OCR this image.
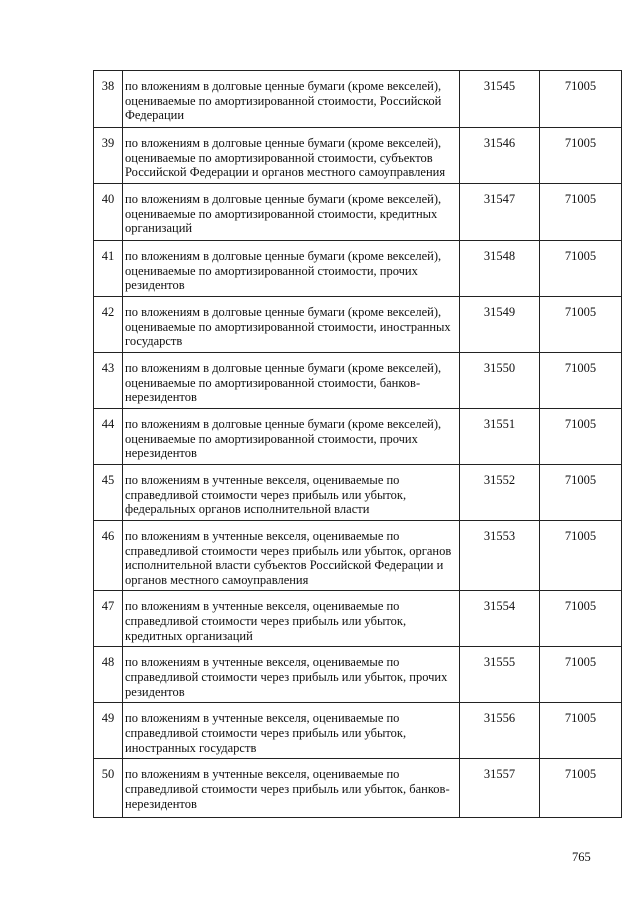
38	по вложениям в долговые ценные бумаги (кроме векселей), оцениваемые по амортизированной стоимости, Российской Федерации	31545	71005
39	по вложениям в долговые ценные бумаги (кроме векселей), оцениваемые по амортизированной стоимости, субъектов Российской Федерации и органов местного самоуправления	31546	71005
40	по вложениям в долговые ценные бумаги (кроме векселей), оцениваемые по амортизированной стоимости, кредитных организаций	31547	71005
41	по вложениям в долговые ценные бумаги (кроме векселей), оцениваемые по амортизированной стоимости, прочих резидентов	31548	71005
42	по вложениям в долговые ценные бумаги (кроме векселей), оцениваемые по амортизированной стоимости, иностранных государств	31549	71005
43	по вложениям в долговые ценные бумаги (кроме векселей), оцениваемые по амортизированной стоимости, банков-нерезидентов	31550	71005
44	по вложениям в долговые ценные бумаги (кроме векселей), оцениваемые по амортизированной стоимости, прочих нерезидентов	31551	71005
45	по вложениям в учтенные векселя, оцениваемые по справедливой стоимости через прибыль или убыток, федеральных органов исполнительной власти	31552	71005
46	по вложениям в учтенные векселя, оцениваемые по справедливой стоимости через прибыль или убыток, органов исполнительной власти субъектов Российской Федерации и органов местного самоуправления	31553	71005
47	по вложениям в учтенные векселя, оцениваемые по справедливой стоимости через прибыль или убыток, кредитных организаций	31554	71005
48	по вложениям в учтенные векселя, оцениваемые по справедливой стоимости через прибыль или убыток, прочих резидентов	31555	71005
49	по вложениям в учтенные векселя, оцениваемые по справедливой стоимости через прибыль или убыток, иностранных государств	31556	71005
50	по вложениям в учтенные векселя, оцениваемые по справедливой стоимости через прибыль или убыток, банков-нерезидентов	31557	71005
765
